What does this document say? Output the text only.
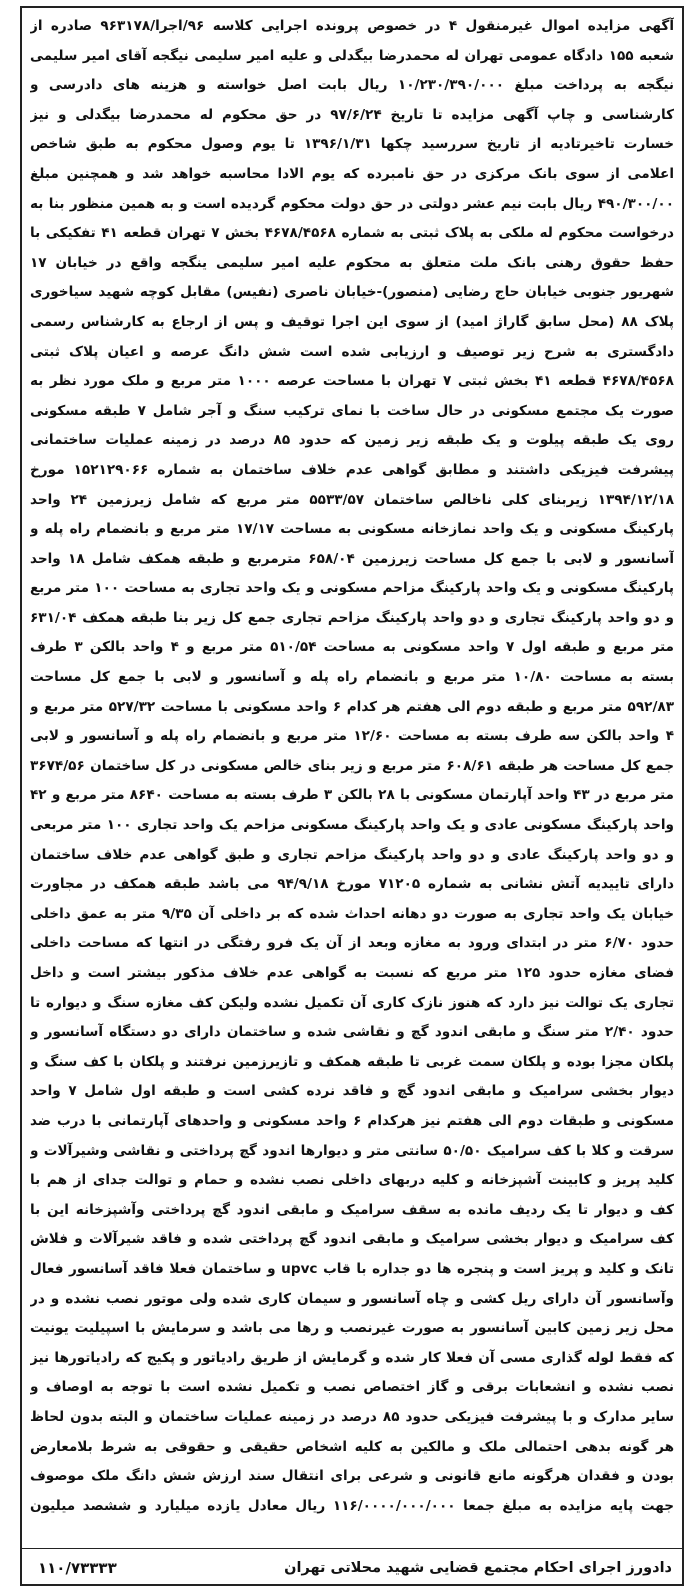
آگهی مزایده اموال غیرمنقول ۴ در خصوص پرونده اجرایی کلاسه ۹۶/اجرا/۹۶۳۱۷۸ صادره از شعبه ۱۵۵ دادگاه عمومی تهران له محمدرضا بیگدلی و علیه امیر سلیمی نیگجه آقای امیر سلیمی نیگجه به پرداخت مبلغ ۱۰/۲۳۰/۳۹۰/۰۰۰ ریال بابت اصل خواسته و هزینه های دادرسی و کارشناسی و چاپ آگهی مزایده تا تاریخ ۹۷/۶/۲۴ در حق محکوم له محمدرضا بیگدلی و نیز خسارت تاخیرتادیه از تاریخ سررسید چکها ۱۳۹۶/۱/۳۱ تا یوم وصول محکوم به طبق شاخص اعلامی از سوی بانک مرکزی در حق نامبرده که یوم الادا محاسبه خواهد شد و همچنین مبلغ ۴۹۰/۳۰۰/۰۰ ریال بابت نیم عشر دولتی در حق دولت محکوم گردیده است و به همین منظور بنا به درخواست محکوم له ملکی به پلاک ثبتی به شماره ۴۶۷۸/۴۵۶۸ بخش ۷ تهران قطعه ۴۱ تفکیکی با حفظ حقوق رهنی بانک ملت متعلق به محکوم علیه امیر سلیمی ینگجه واقع در خیابان ۱۷ شهریور جنوبی خیابان حاج رضایی (منصور)-خیابان ناصری (نفیس) مقابل کوچه شهید سیاخوری پلاک ۸۸ (محل سابق گاراژ امید) از سوی این اجرا توقیف و پس از ارجاع به کارشناس رسمی دادگستری به شرح زیر توصیف و ارزیابی شده است شش دانگ عرصه و اعیان پلاک ثبتی ۴۶۷۸/۴۵۶۸ قطعه ۴۱ بخش ثبتی ۷ تهران با مساحت عرصه ۱۰۰۰ متر مربع و ملک مورد نظر به صورت یک مجتمع مسکونی در حال ساخت با نمای ترکیب سنگ و آجر شامل ۷ طبقه مسکونی روی یک طبقه پیلوت و یک طبقه زیر زمین که حدود ۸۵ درصد در زمینه عملیات ساختمانی پیشرفت فیزیکی داشتند و مطابق گواهی عدم خلاف ساختمان به شماره ۱۵۲۱۲۹۰۶۶ مورخ ۱۳۹۴/۱۲/۱۸ زیربنای کلی ناخالص ساختمان ۵۵۳۳/۵۷ متر مربع که شامل زیرزمین ۲۴ واحد پارکینگ مسکونی و یک واحد نمازخانه مسکونی به مساحت ۱۷/۱۷ متر مربع و بانضمام راه پله و آسانسور و لابی با جمع کل مساحت زیرزمین ۶۵۸/۰۴ مترمربع و طبقه همکف شامل ۱۸ واحد پارکینگ مسکونی و یک واحد پارکینگ مزاحم مسکونی و یک واحد تجاری به مساحت ۱۰۰ متر مربع و دو واحد پارکینگ تجاری و دو واحد پارکینگ مزاحم تجاری جمع کل زیر بنا طبقه همکف ۶۳۱/۰۴ متر مربع و طبقه اول ۷ واحد مسکونی به مساحت ۵۱۰/۵۴ متر مربع و ۴ واحد بالکن ۳ طرف بسته به مساحت ۱۰/۸۰ متر مربع و بانضمام راه پله و آسانسور و لابی با جمع کل مساحت ۵۹۲/۸۳ متر مربع و طبقه دوم الی هفتم هر کدام ۶ واحد مسکونی با مساحت ۵۲۷/۳۲ متر مربع و ۴ واحد بالکن سه طرف بسته به مساحت ۱۲/۶۰ متر مربع و بانضمام راه پله و آسانسور و لابی جمع کل مساحت هر طبقه ۶۰۸/۶۱ متر مربع و زیر بنای خالص مسکونی در کل ساختمان ۳۶۷۴/۵۶ متر مربع در ۴۳ واحد آپارتمان مسکونی با ۲۸ بالکن ۳ طرف بسته به مساحت ۸۶۴۰ متر مربع و ۴۲ واحد پارکینگ مسکونی عادی و یک واحد پارکینگ مسکونی مزاحم یک واحد تجاری ۱۰۰ متر مربعی و دو واحد پارکینگ عادی و دو واحد پارکینگ مزاحم تجاری و طبق گواهی عدم خلاف ساختمان دارای تاییدیه آتش نشانی به شماره ۷۱۲۰۵ مورخ ۹۴/۹/۱۸ می باشد طبقه همکف در مجاورت خیابان یک واحد تجاری به صورت دو دهانه احداث شده که بر داخلی آن ۹/۳۵ متر به عمق داخلی حدود ۶/۷۰ متر در ابتدای ورود به مغازه وبعد از آن یک فرو رفتگی در انتها که مساحت داخلی فضای مغازه حدود ۱۲۵ متر مربع که نسبت به گواهی عدم خلاف مذکور بیشتر است و داخل تجاری یک توالت نیز دارد که هنوز نازک کاری آن تکمیل نشده ولیکن کف مغازه سنگ و دیواره تا حدود ۲/۴۰ متر سنگ و مابقی اندود گچ و نقاشی شده و ساختمان دارای دو دستگاه آسانسور و پلکان مجزا بوده و پلکان سمت غربی تا طبقه همکف و تازیرزمین نرفتند و پلکان با کف سنگ و دیوار بخشی سرامیک و مابقی اندود گچ و فاقد نرده کشی است و طبقه اول شامل ۷ واحد مسکونی و طبقات دوم الی هفتم نیز هرکدام ۶ واحد مسکونی و واحدهای آپارتمانی با درب ضد سرقت و کلا با کف سرامیک ۵۰/۵۰ سانتی متر و دیوارها اندود گچ پرداختی و نقاشی وشیرآلات و کلید پریز و کابینت آشپزخانه و کلیه دربهای داخلی نصب نشده و حمام و توالت جدای از هم با کف و دیوار تا یک ردیف مانده به سقف سرامیک و مابقی اندود گچ پرداختی وآشپزخانه این با کف سرامیک و دیوار بخشی سرامیک و مابقی اندود گچ پرداختی شده و فاقد شیرآلات و فلاش تانک و کلید و پریز است و پنجره ها دو جداره با قاب upvc و ساختمان فعلا فاقد آسانسور فعال وآسانسور آن دارای ریل کشی و چاه آسانسور و سیمان کاری شده ولی موتور نصب نشده و در محل زیر زمین کابین آسانسور به صورت غیرنصب و رها می باشد و سرمایش با اسپیلیت یونیت که فقط لوله گذاری مسی آن فعلا کار شده و گرمایش از طریق رادیاتور و پکیج که رادیاتورها نیز نصب نشده و انشعابات برقی و گاز اختصاص نصب و تکمیل نشده است با توجه به اوصاف و سایر مدارک و با پیشرفت فیزیکی حدود ۸۵ درصد در زمینه عملیات ساختمان و البته بدون لحاظ هر گونه بدهی احتمالی ملک و مالکین به کلیه اشخاص حقیقی و حقوقی به شرط بلامعارض بودن و فقدان هرگونه مانع قانونی و شرعی برای انتقال سند ارزش شش دانگ ملک موصوف جهت پایه مزایده به مبلغ جمعا ۱۱۶/۰۰۰۰/۰۰۰/۰۰۰ ریال معادل یازده میلیارد و ششصد میلیون
دادورز اجرای احکام مجتمع قضایی شهید محلاتی تهران
۱۱۰/۷۳۳۳۳
